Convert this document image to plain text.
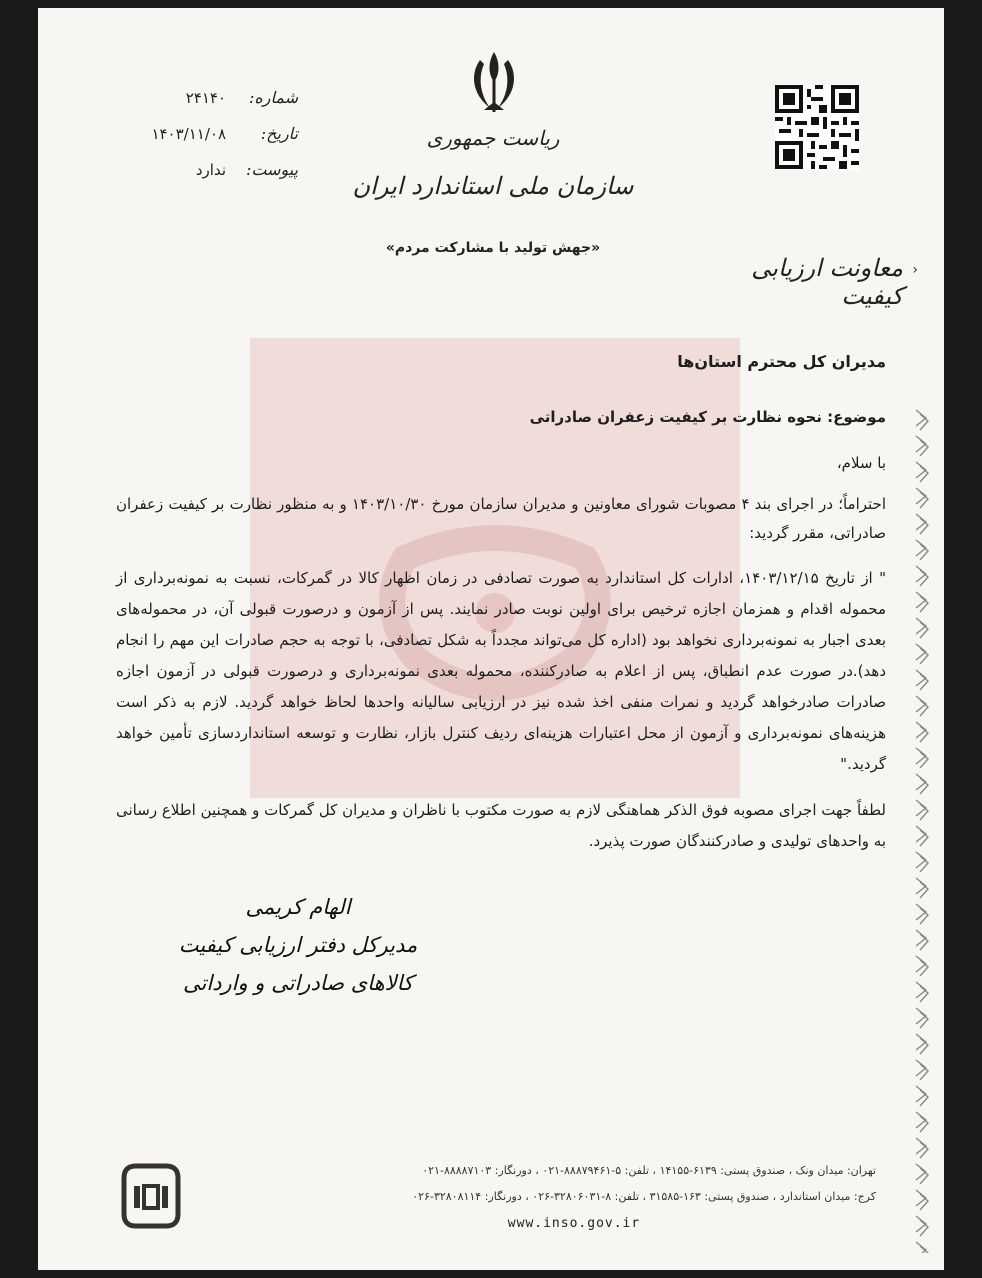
ریاست جمهوری
سازمان ملی استاندارد ایران
شماره:
۲۴۱۴۰
تاریخ:
۱۴۰۳/۱۱/۰۸
پیوست:
ندارد
«جهش تولید با مشارکت مردم»
معاونت ارزیابی کیفیت
›
مدیران کل محترم استان‌ها
موضوع: نحوه نظارت بر کیفیت زعفران صادراتی
با سلام،
احتراماً؛ در اجرای بند ۴ مصوبات شورای معاونین و مدیران سازمان مورخ ۱۴۰۳/۱۰/۳۰ و به منظور نظارت بر کیفیت زعفران صادراتی، مقرر گردید:
" از تاریخ ۱۴۰۳/۱۲/۱۵، ادارات کل استاندارد به صورت تصادفی در زمان اظهار کالا در گمرکات، نسبت به نمونه‌برداری از محموله اقدام و همزمان اجازه ترخیص برای اولین نوبت صادر نمایند. پس از آزمون و درصورت قبولی آن، در محموله‌های بعدی اجبار به نمونه‌برداری نخواهد بود (اداره کل می‌تواند مجدداً به شکل تصادفی، با توجه به حجم صادرات این مهم را انجام دهد).در صورت عدم انطباق، پس از اعلام به صادرکننده، محموله بعدی نمونه‌برداری و درصورت قبولی در آزمون اجازه صادرات صادرخواهد گردید و نمرات منفی اخذ شده نیز در ارزیابی سالیانه واحدها لحاظ خواهد گردید. لازم به ذکر است هزینه‌های نمونه‌برداری و آزمون از محل اعتبارات هزینه‌ای ردیف کنترل بازار، نظارت و توسعه استانداردسازی تأمین خواهد گردید."
لطفاً جهت اجرای مصوبه فوق الذکر هماهنگی لازم به صورت مکتوب با ناظران و مدیران کل گمرکات و همچنین اطلاع رسانی به واحدهای تولیدی و صادرکنندگان صورت پذیرد.
الهام کریمی
مدیرکل دفتر ارزیابی کیفیت
کالاهای صادراتی و وارداتی
تهران: میدان ونک ، صندوق پستی: ۶۱۳۹-۱۴۱۵۵ ، تلفن: ۵-۸۸۸۷۹۴۶۱-۰۲۱ ، دورنگار: ۸۸۸۸۷۱۰۳-۰۲۱
کرج: میدان استاندارد ، صندوق پستی: ۱۶۳-۳۱۵۸۵ ، تلفن: ۸-۳۲۸۰۶۰۳۱-۰۲۶ ، دورنگار: ۳۲۸۰۸۱۱۴-۰۲۶
www.inso.gov.ir
